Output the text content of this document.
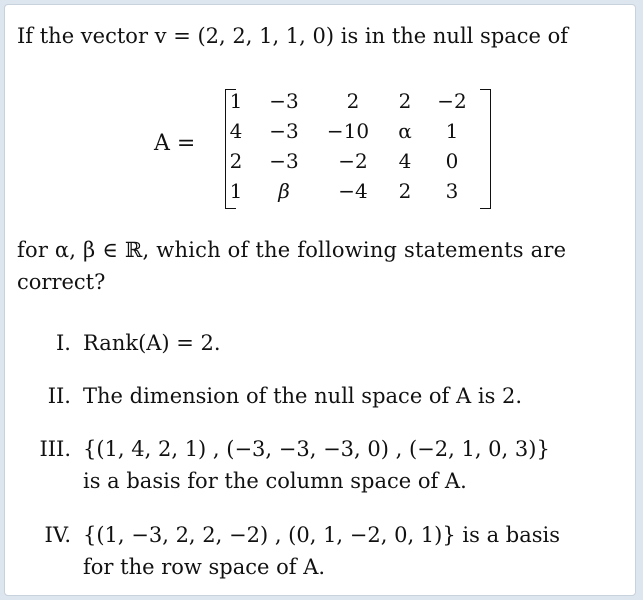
If the vector v = (2, 2, 1, 1, 0) is in the null space of
A =
1	−3	2	2	−2
4	−3	−10	α	1
2	−3	−2	4	0
1	β	−4	2	3
for α, β ∈ ℝ, which of the following statements are
correct?
I. Rank(A) = 2.
II. The dimension of the null space of A is 2.
III. {(1, 4, 2, 1) , (−3, −3, −3, 0) , (−2, 1, 0, 3)}
is a basis for the column space of A.
IV. {(1, −3, 2, 2, −2) , (0, 1, −2, 0, 1)} is a basis
for the row space of A.
